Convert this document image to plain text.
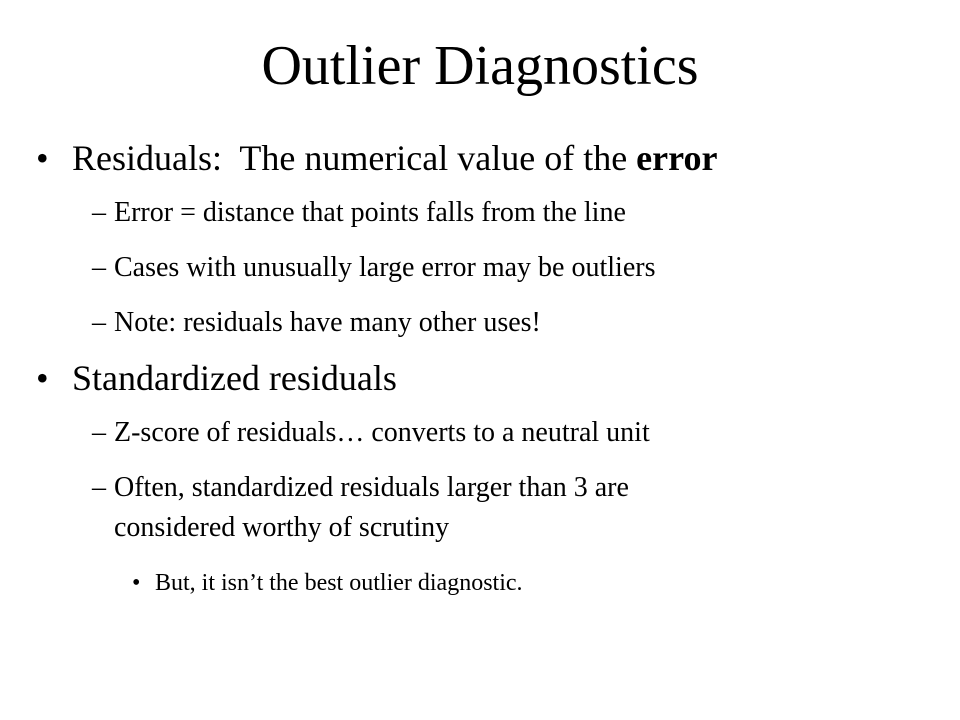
Outlier Diagnostics
• Residuals:  The numerical value of the error
– Error = distance that points falls from the line
– Cases with unusually large error may be outliers
– Note: residuals have many other uses!
• Standardized residuals
– Z-score of residuals… converts to a neutral unit
– Often, standardized residuals larger than 3 are
considered worthy of scrutiny
• But, it isn’t the best outlier diagnostic.
